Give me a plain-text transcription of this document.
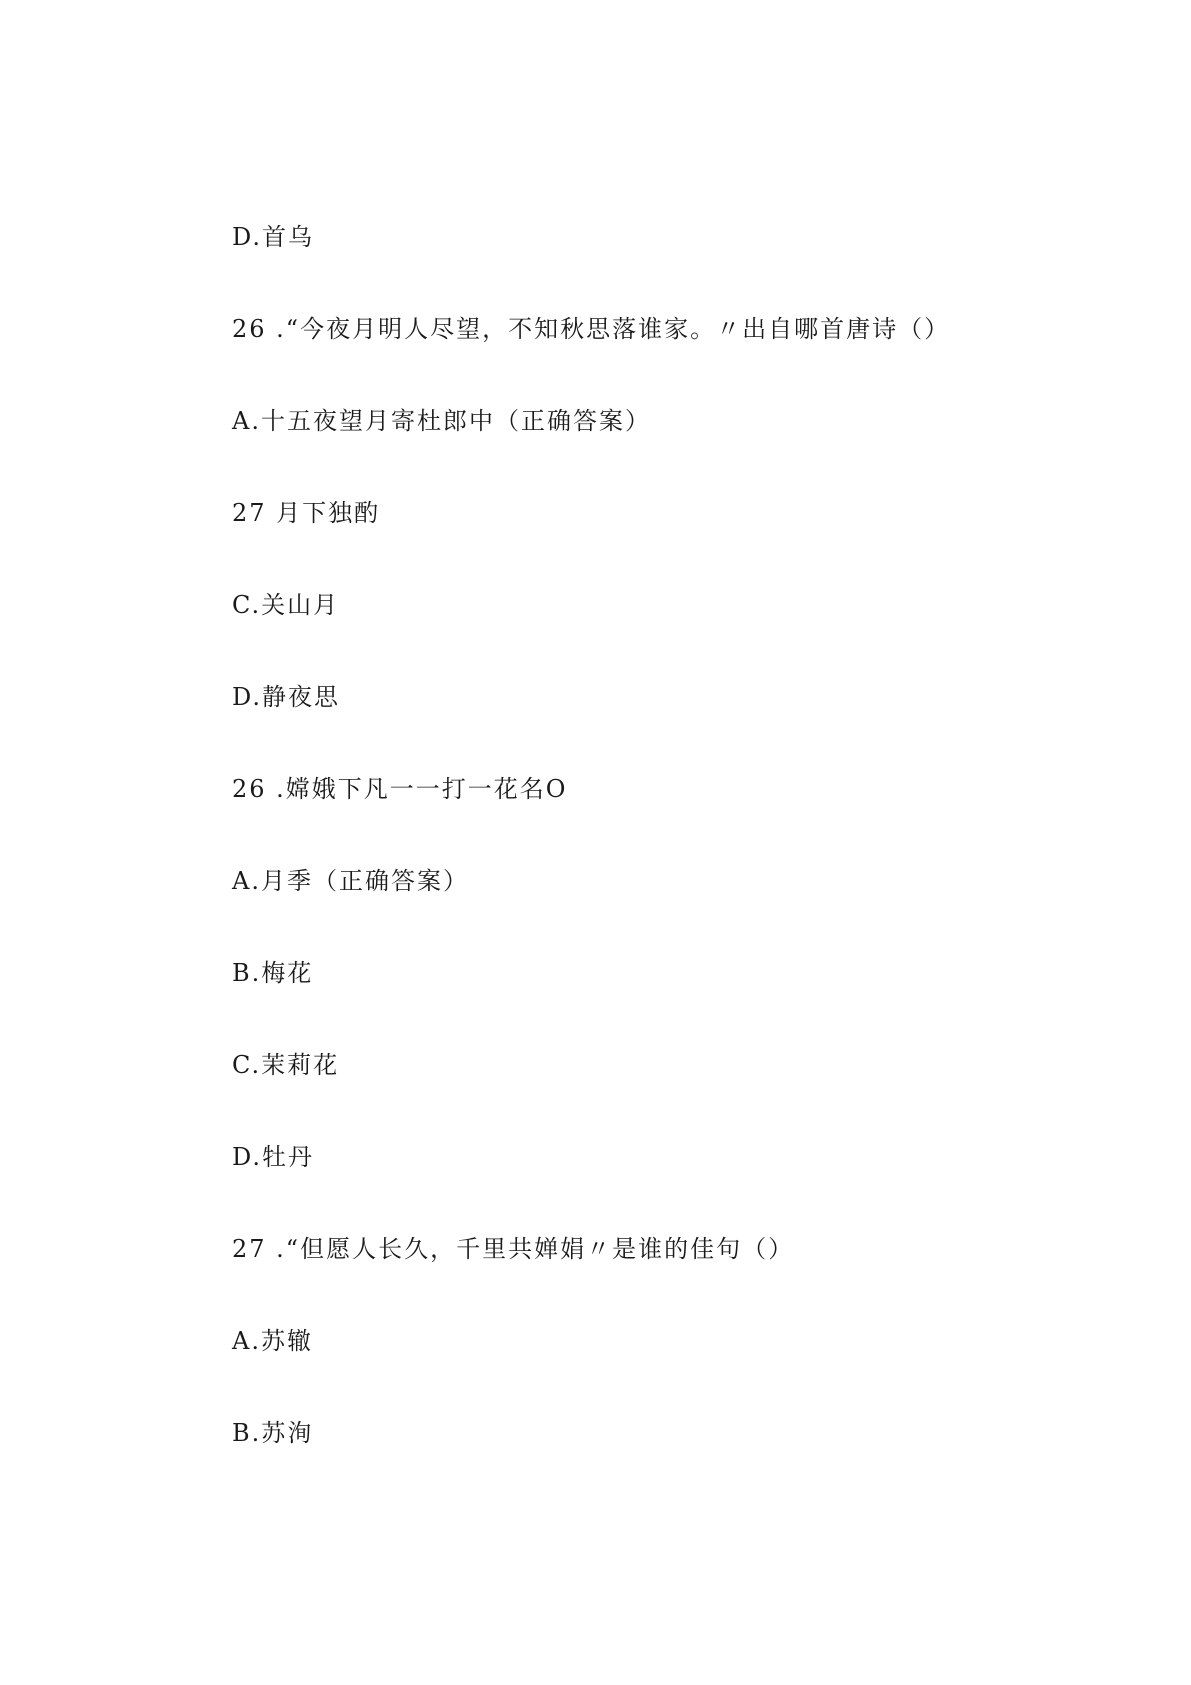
D.首乌
26 .“今夜月明人尽望，不知秋思落谁家。〃出自哪首唐诗（）
A.十五夜望月寄杜郎中（正确答案）
27 月下独酌
C.关山月
D.静夜思
26 .嫦娥下凡一一打一花名O
A.月季（正确答案）
B.梅花
C.茉莉花
D.牡丹
27 .“但愿人长久，千里共婵娟〃是谁的佳句（）
A.苏辙
B.苏洵
